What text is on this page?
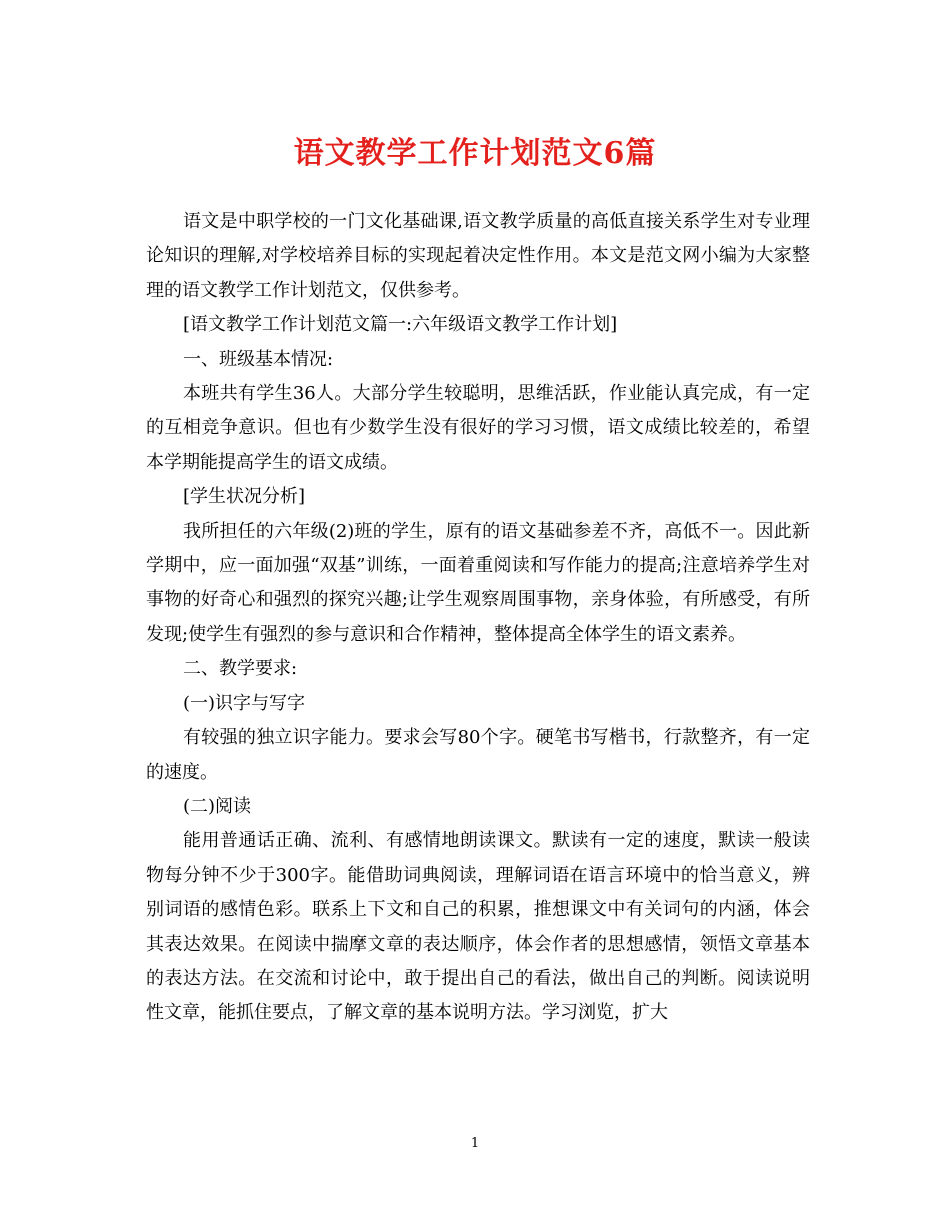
语文教学工作计划范文6篇

语文是中职学校的一门文化基础课,语文教学质量的高低直接关系学生对专业理论知识的理解,对学校培养目标的实现起着决定性作用。本文是范文网小编为大家整理的语文教学工作计划范文，仅供参考。

[语文教学工作计划范文篇一:六年级语文教学工作计划]

一、班级基本情况:

本班共有学生36人。大部分学生较聪明，思维活跃，作业能认真完成，有一定的互相竞争意识。但也有少数学生没有很好的学习习惯，语文成绩比较差的，希望本学期能提高学生的语文成绩。

[学生状况分析]

我所担任的六年级(2)班的学生，原有的语文基础参差不齐，高低不一。因此新学期中，应一面加强“双基”训练，一面着重阅读和写作能力的提高;注意培养学生对事物的好奇心和强烈的探究兴趣;让学生观察周围事物，亲身体验，有所感受，有所发现;使学生有强烈的参与意识和合作精神，整体提高全体学生的语文素养。

二、教学要求:

(一)识字与写字

有较强的独立识字能力。要求会写80个字。硬笔书写楷书，行款整齐，有一定的速度。

(二)阅读

能用普通话正确、流利、有感情地朗读课文。默读有一定的速度，默读一般读物每分钟不少于300字。能借助词典阅读，理解词语在语言环境中的恰当意义，辨别词语的感情色彩。联系上下文和自己的积累，推想课文中有关词句的内涵，体会其表达效果。在阅读中揣摩文章的表达顺序，体会作者的思想感情，领悟文章基本的表达方法。在交流和讨论中，敢于提出自己的看法，做出自己的判断。阅读说明性文章，能抓住要点，了解文章的基本说明方法。学习浏览，扩大

1
